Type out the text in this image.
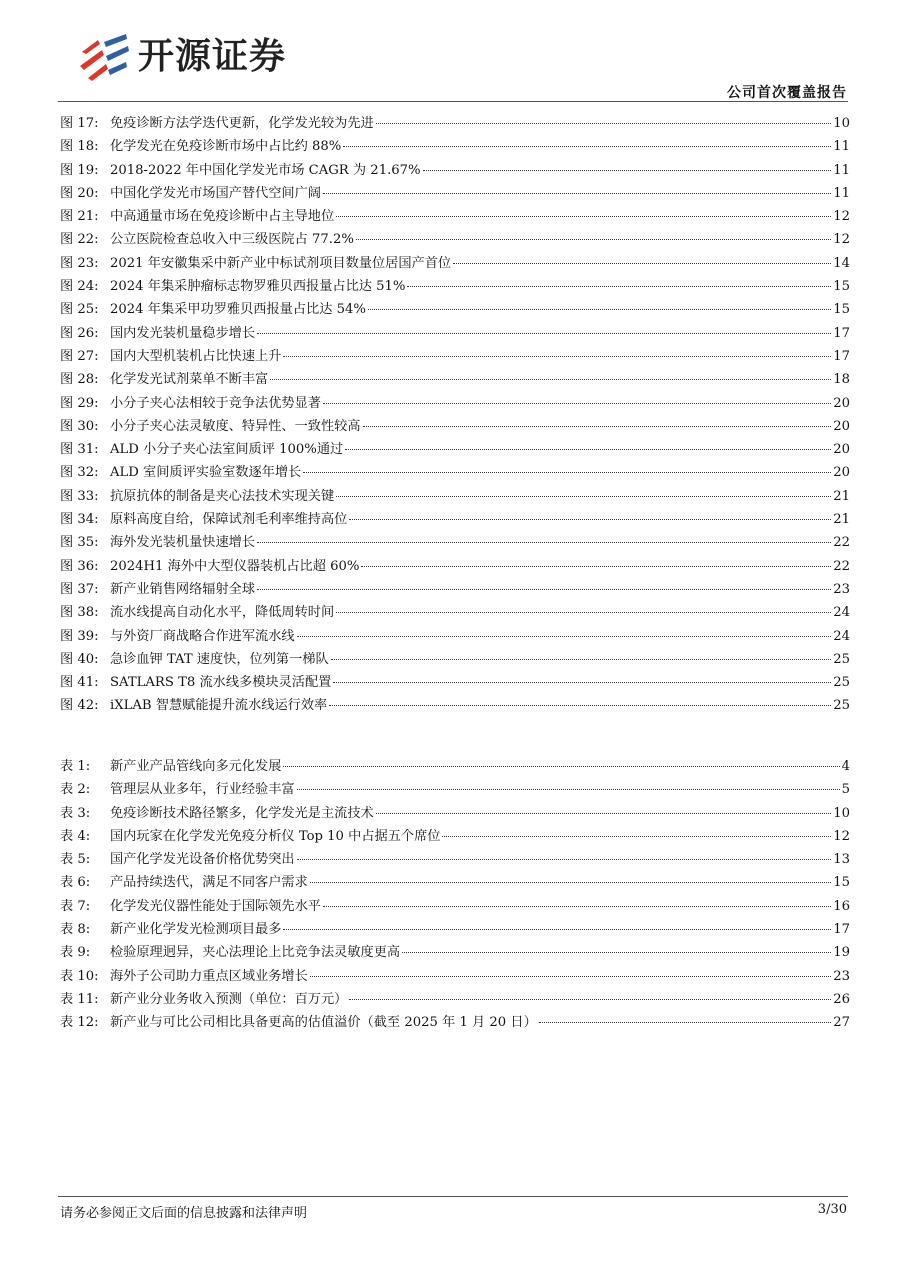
开源证券
公司首次覆盖报告
图 17: 免疫诊断方法学迭代更新，化学发光较为先进	10
图 18: 化学发光在免疫诊断市场中占比约 88%	11
图 19: 2018-2022 年中国化学发光市场 CAGR 为 21.67%	11
图 20: 中国化学发光市场国产替代空间广阔	11
图 21: 中高通量市场在免疫诊断中占主导地位	12
图 22: 公立医院检查总收入中三级医院占 77.2%	12
图 23: 2021 年安徽集采中新产业中标试剂项目数量位居国产首位	14
图 24: 2024 年集采肿瘤标志物罗雅贝西报量占比达 51%	15
图 25: 2024 年集采甲功罗雅贝西报量占比达 54%	15
图 26: 国内发光装机量稳步增长	17
图 27: 国内大型机装机占比快速上升	17
图 28: 化学发光试剂菜单不断丰富	18
图 29: 小分子夹心法相较于竞争法优势显著	20
图 30: 小分子夹心法灵敏度、特异性、一致性较高	20
图 31: ALD 小分子夹心法室间质评 100%通过	20
图 32: ALD 室间质评实验室数逐年增长	20
图 33: 抗原抗体的制备是夹心法技术实现关键	21
图 34: 原料高度自给，保障试剂毛利率维持高位	21
图 35: 海外发光装机量快速增长	22
图 36: 2024H1 海外中大型仪器装机占比超 60%	22
图 37: 新产业销售网络辐射全球	23
图 38: 流水线提高自动化水平，降低周转时间	24
图 39: 与外资厂商战略合作进军流水线	24
图 40: 急诊血钾 TAT 速度快，位列第一梯队	25
图 41: SATLARS T8 流水线多模块灵活配置	25
图 42: iXLAB 智慧赋能提升流水线运行效率	25
表 1:	新产业产品管线向多元化发展	4
表 2:	管理层从业多年，行业经验丰富	5
表 3:	免疫诊断技术路径繁多，化学发光是主流技术	10
表 4:	国内玩家在化学发光免疫分析仪 Top 10 中占据五个席位	12
表 5:	国产化学发光设备价格优势突出	13
表 6:	产品持续迭代，满足不同客户需求	15
表 7:	化学发光仪器性能处于国际领先水平	16
表 8:	新产业化学发光检测项目最多	17
表 9:	检验原理迥异，夹心法理论上比竞争法灵敏度更高	19
表 10: 海外子公司助力重点区域业务增长	23
表 11: 新产业分业务收入预测（单位：百万元）	26
表 12: 新产业与可比公司相比具备更高的估值溢价（截至 2025 年 1 月 20 日）	27
请务必参阅正文后面的信息披露和法律声明	3/30
